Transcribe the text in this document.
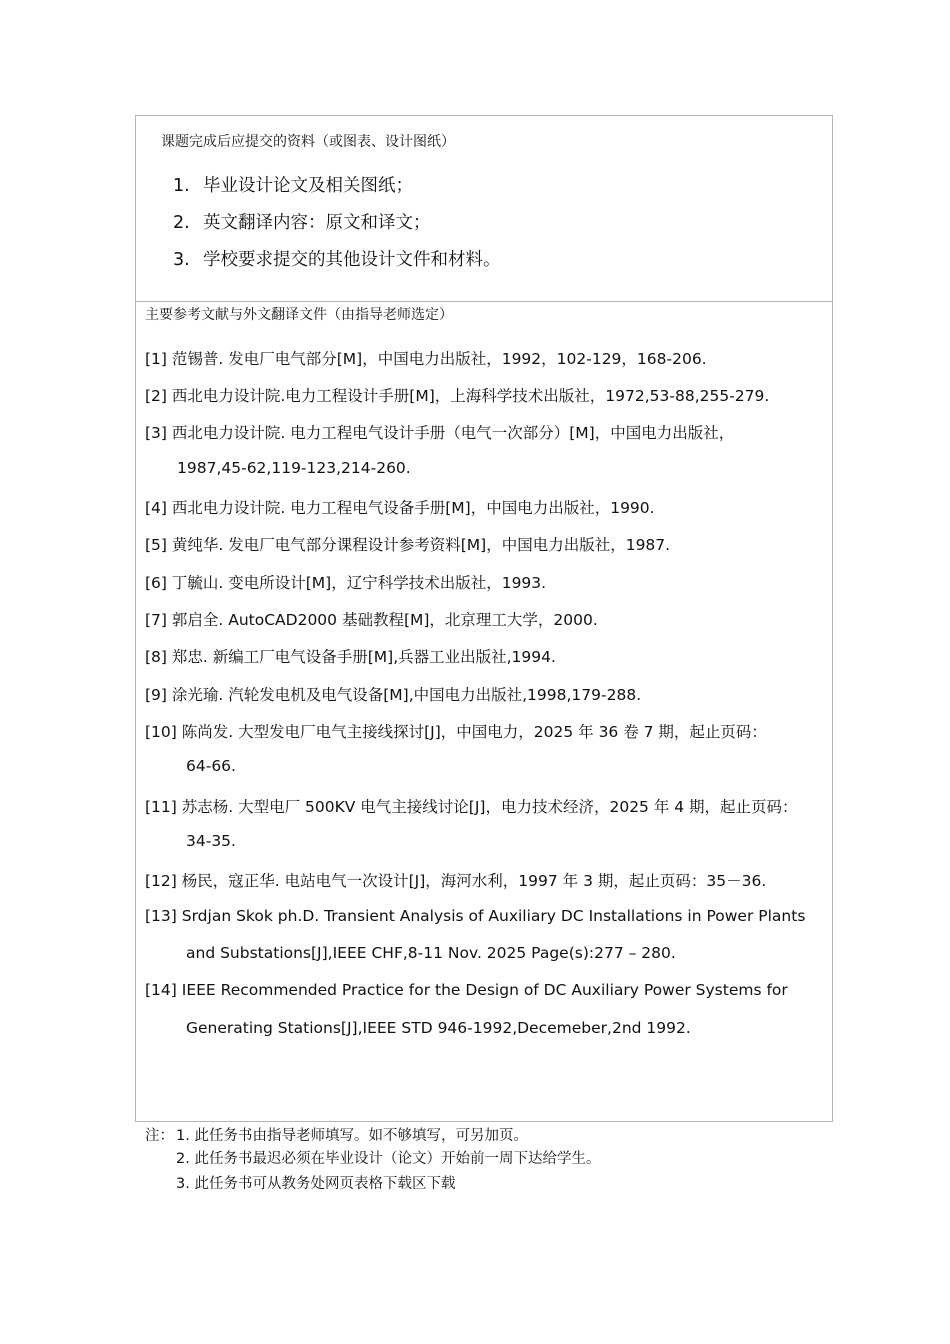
课题完成后应提交的资料（或图表、设计图纸）
1. 毕业设计论文及相关图纸；
2. 英文翻译内容：原文和译文；
3. 学校要求提交的其他设计文件和材料。
主要参考文献与外文翻译文件（由指导老师选定）
[1] 范锡普. 发电厂电气部分[M]，中国电力出版社，1992，102-129，168-206.
[2] 西北电力设计院.电力工程设计手册[M]，上海科学技术出版社，1972,53-88,255-279.
[3] 西北电力设计院. 电力工程电气设计手册（电气一次部分）[M]，中国电力出版社，
1987,45-62,119-123,214-260.
[4] 西北电力设计院. 电力工程电气设备手册[M]，中国电力出版社，1990.
[5] 黄纯华. 发电厂电气部分课程设计参考资料[M]，中国电力出版社，1987.
[6] 丁毓山. 变电所设计[M]，辽宁科学技术出版社，1993.
[7] 郭启全. AutoCAD2000 基础教程[M]，北京理工大学，2000.
[8] 郑忠. 新编工厂电气设备手册[M],兵器工业出版社,1994.
[9] 涂光瑜. 汽轮发电机及电气设备[M],中国电力出版社,1998,179-288.
[10] 陈尚发. 大型发电厂电气主接线探讨[J]，中国电力，2025 年 36 卷 7 期，起止页码：
64-66.
[11] 苏志杨. 大型电厂 500KV 电气主接线讨论[J]，电力技术经济，2025 年 4 期，起止页码：
34-35.
[12] 杨民，寇正华. 电站电气一次设计[J]，海河水利，1997 年 3 期，起止页码：35－36.
[13] Srdjan Skok ph.D. Transient Analysis of Auxiliary DC Installations in Power Plants
and Substations[J],IEEE CHF,8-11 Nov. 2025 Page(s):277 – 280.
[14] IEEE Recommended Practice for the Design of DC Auxiliary Power Systems for
Generating Stations[J],IEEE STD 946-1992,Decemeber,2nd 1992.
注： 1. 此任务书由指导老师填写。如不够填写，可另加页。
2. 此任务书最迟必须在毕业设计（论文）开始前一周下达给学生。
3. 此任务书可从教务处网页表格下载区下载
